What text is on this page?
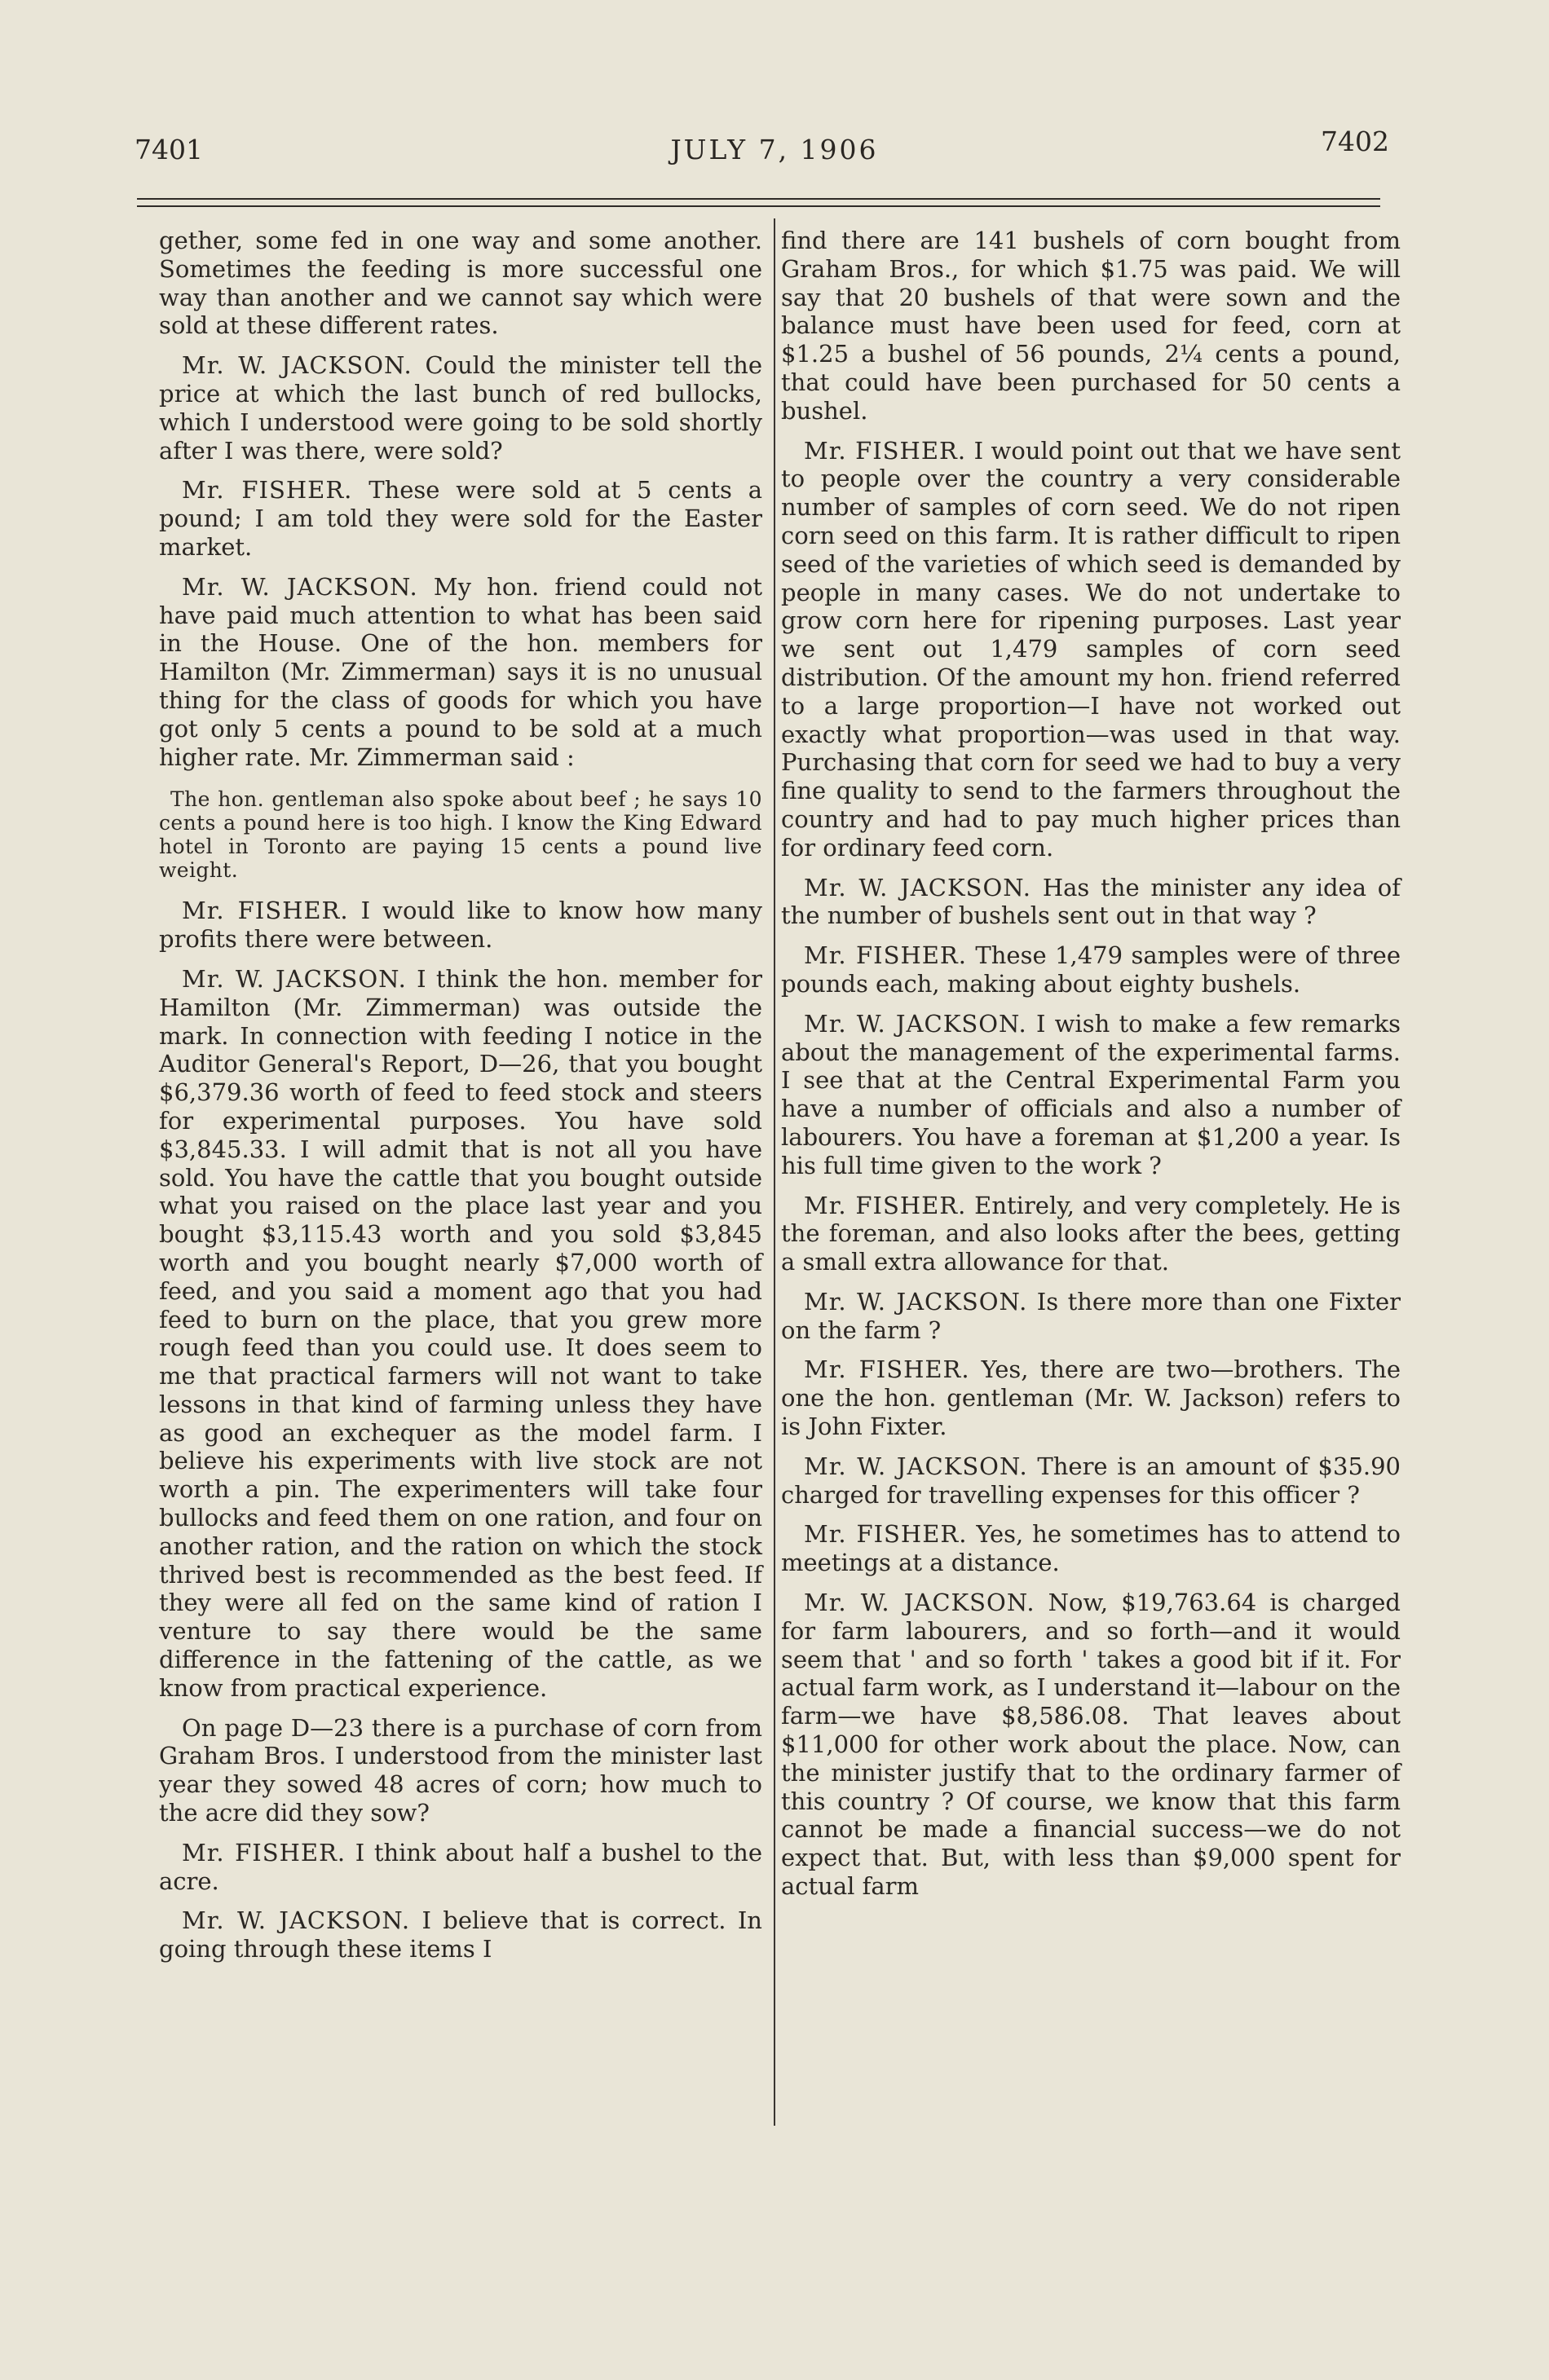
7401	JULY 7, 1906	7402

gether, some fed in one way and some another. Sometimes the feeding is more successful one way than another and we cannot say which were sold at these different rates.

Mr. W. JACKSON. Could the minister tell the price at which the last bunch of red bullocks, which I understood were going to be sold shortly after I was there, were sold?

Mr. FISHER. These were sold at 5 cents a pound; I am told they were sold for the Easter market.

Mr. W. JACKSON. My hon. friend could not have paid much attention to what has been said in the House. One of the hon. members for Hamilton (Mr. Zimmerman) says it is no unusual thing for the class of goods for which you have got only 5 cents a pound to be sold at a much higher rate. Mr. Zimmerman said :

The hon. gentleman also spoke about beef ; he says 10 cents a pound here is too high. I know the King Edward hotel in Toronto are paying 15 cents a pound live weight.

Mr. FISHER. I would like to know how many profits there were between.

Mr. W. JACKSON. I think the hon. member for Hamilton (Mr. Zimmerman) was outside the mark. In connection with feeding I notice in the Auditor General's Report, D—26, that you bought $6,379.36 worth of feed to feed stock and steers for experimental purposes. You have sold $3,845.33. I will admit that is not all you have sold. You have the cattle that you bought outside what you raised on the place last year and you bought $3,115.43 worth and you sold $3,845 worth and you bought nearly $7,000 worth of feed, and you said a moment ago that you had feed to burn on the place, that you grew more rough feed than you could use. It does seem to me that practical farmers will not want to take lessons in that kind of farming unless they have as good an exchequer as the model farm. I believe his experiments with live stock are not worth a pin. The experimenters will take four bullocks and feed them on one ration, and four on another ration, and the ration on which the stock thrived best is recommended as the best feed. If they were all fed on the same kind of ration I venture to say there would be the same difference in the fattening of the cattle, as we know from practical experience.

On page D—23 there is a purchase of corn from Graham Bros. I understood from the minister last year they sowed 48 acres of corn; how much to the acre did they sow?

Mr. FISHER. I think about half a bushel to the acre.

Mr. W. JACKSON. I believe that is correct. In going through these items I

find there are 141 bushels of corn bought from Graham Bros., for which $1.75 was paid. We will say that 20 bushels of that were sown and the balance must have been used for feed, corn at $1.25 a bushel of 56 pounds, 2¼ cents a pound, that could have been purchased for 50 cents a bushel.

Mr. FISHER. I would point out that we have sent to people over the country a very considerable number of samples of corn seed. We do not ripen corn seed on this farm. It is rather difficult to ripen seed of the varieties of which seed is demanded by people in many cases. We do not undertake to grow corn here for ripening purposes. Last year we sent out 1,479 samples of corn seed distribution. Of the amount my hon. friend referred to a large proportion—I have not worked out exactly what proportion—was used in that way. Purchasing that corn for seed we had to buy a very fine quality to send to the farmers throughout the country and had to pay much higher prices than for ordinary feed corn.

Mr. W. JACKSON. Has the minister any idea of the number of bushels sent out in that way ?

Mr. FISHER. These 1,479 samples were of three pounds each, making about eighty bushels.

Mr. W. JACKSON. I wish to make a few remarks about the management of the experimental farms. I see that at the Central Experimental Farm you have a number of officials and also a number of labourers. You have a foreman at $1,200 a year. Is his full time given to the work ?

Mr. FISHER. Entirely, and very completely. He is the foreman, and also looks after the bees, getting a small extra allowance for that.

Mr. W. JACKSON. Is there more than one Fixter on the farm ?

Mr. FISHER. Yes, there are two—brothers. The one the hon. gentleman (Mr. W. Jackson) refers to is John Fixter.

Mr. W. JACKSON. There is an amount of $35.90 charged for travelling expenses for this officer ?

Mr. FISHER. Yes, he sometimes has to attend to meetings at a distance.

Mr. W. JACKSON. Now, $19,763.64 is charged for farm labourers, and so forth—and it would seem that ' and so forth ' takes a good bit if it. For actual farm work, as I understand it—labour on the farm—we have $8,586.08. That leaves about $11,000 for other work about the place. Now, can the minister justify that to the ordinary farmer of this country ? Of course, we know that this farm cannot be made a financial success—we do not expect that. But, with less than $9,000 spent for actual farm
